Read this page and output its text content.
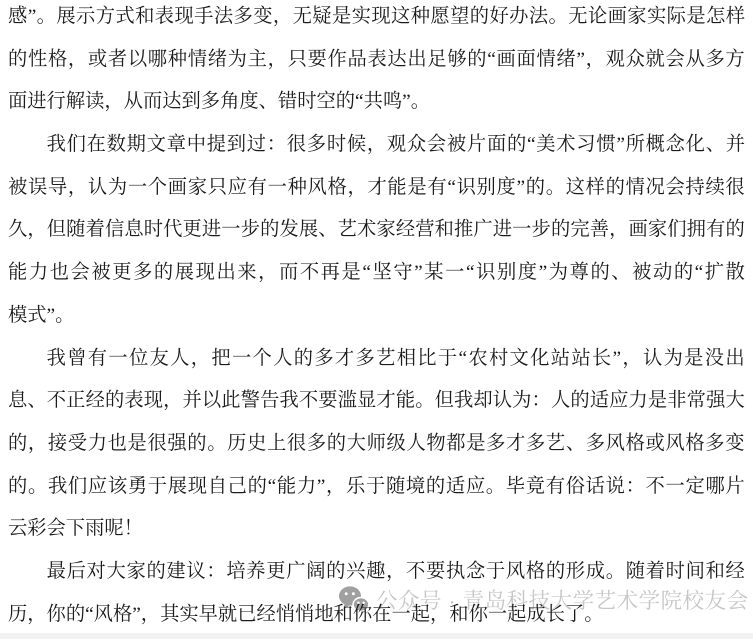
公众号 · 青岛科技大学艺术学院校友会
感 ” 。 展 示 方 式 和 表 现 手 法 多 变 ， 无 疑 是 实 现 这 种 愿 望 的 好 办 法 。 无 论 画 家 实 际 是 怎 样
的 性 格 ， 或 者 以 哪 种 情 绪 为 主 ， 只 要 作 品 表 达 出 足 够 的 “ 画 面 情 绪 ” ， 观 众 就 会 从 多 方
面进行解读，从而达到多角度、错时空的“共鸣”。
我 们 在 数 期 文 章 中 提 到 过 ： 很 多 时 候 ， 观 众 会 被 片 面 的 “ 美 术 习 惯 ” 所 概 念 化 、 并
被 误 导 ， 认 为 一 个 画 家 只 应 有 一 种 风 格 ， 才 能 是 有 “ 识 别 度 ” 的 。 这 样 的 情 况 会 持 续 很
久 ， 但 随 着 信 息 时 代 更 进 一 步 的 发 展 、 艺 术 家 经 营 和 推 广 进 一 步 的 完 善 ， 画 家 们 拥 有 的
能 力 也 会 被 更 多 的 展 现 出 来 ， 而 不 再 是 “ 坚 守 ” 某 一 “ 识 别 度 ” 为 尊 的 、 被 动 的 “ 扩 散
模式”。
我 曾 有 一 位 友 人 ， 把 一 个 人 的 多 才 多 艺 相 比 于 “ 农 村 文 化 站 站 长 ” ， 认 为 是 没 出
息 、 不 正 经 的 表 现 ， 并 以 此 警 告 我 不 要 滥 显 才 能 。 但 我 却 认 为 ： 人 的 适 应 力 是 非 常 强 大
的 ， 接 受 力 也 是 很 强 的 。 历 史 上 很 多 的 大 师 级 人 物 都 是 多 才 多 艺 、 多 风 格 或 风 格 多 变
的 。 我 们 应 该 勇 于 展 现 自 己 的 “ 能 力 ” ， 乐 于 随 境 的 适 应 。 毕 竟 有 俗 话 说 ： 不 一 定 哪 片
云彩会下雨呢！
最 后 对 大 家 的 建 议 ： 培 养 更 广 阔 的 兴 趣 ， 不 要 执 念 于 风 格 的 形 成 。 随 着 时 间 和 经
历，你的“风格”，其实早就已经悄悄地和你在一起，和你一起成长了。
